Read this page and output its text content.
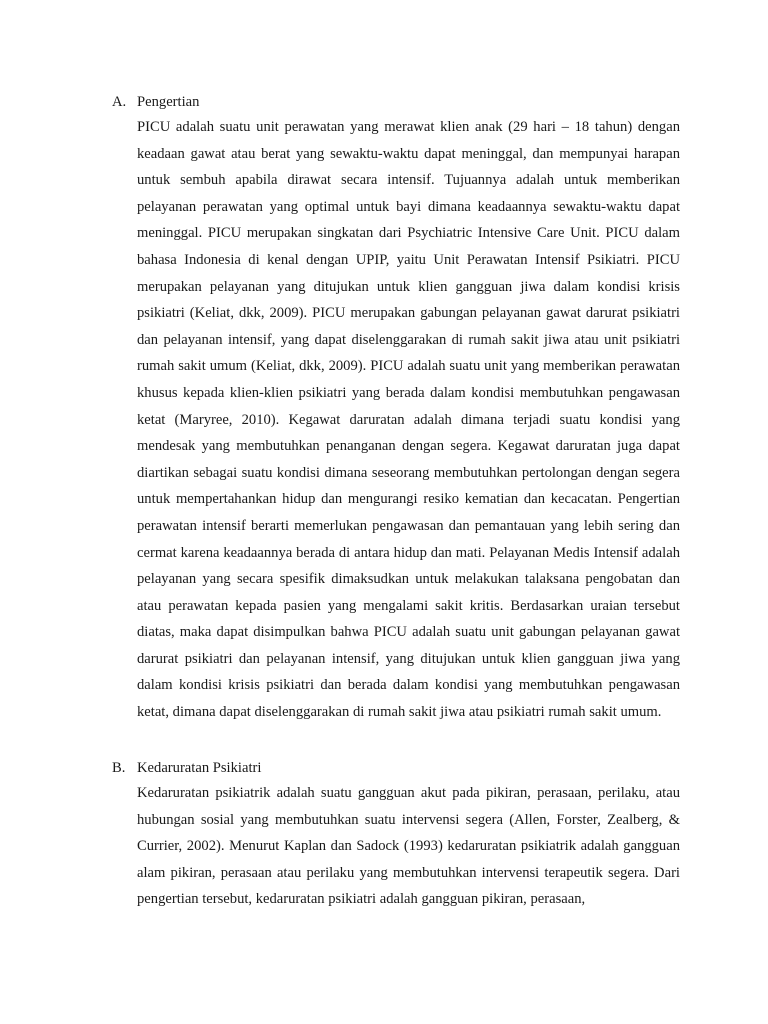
A. Pengertian

PICU adalah suatu unit perawatan yang merawat klien anak (29 hari – 18 tahun) dengan keadaan gawat atau berat yang sewaktu-waktu dapat meninggal, dan mempunyai harapan untuk sembuh apabila dirawat secara intensif. Tujuannya adalah untuk memberikan pelayanan perawatan yang optimal untuk bayi dimana keadaannya sewaktu-waktu dapat meninggal. PICU merupakan singkatan dari Psychiatric Intensive Care Unit. PICU dalam bahasa Indonesia di kenal dengan UPIP, yaitu Unit Perawatan Intensif Psikiatri. PICU merupakan pelayanan yang ditujukan untuk klien gangguan jiwa dalam kondisi krisis psikiatri (Keliat, dkk, 2009). PICU merupakan gabungan pelayanan gawat darurat psikiatri dan pelayanan intensif, yang dapat diselenggarakan di rumah sakit jiwa atau unit psikiatri rumah sakit umum (Keliat, dkk, 2009). PICU adalah suatu unit yang memberikan perawatan khusus kepada klien-klien psikiatri yang berada dalam kondisi membutuhkan pengawasan ketat (Maryree, 2010). Kegawat daruratan adalah dimana terjadi suatu kondisi yang mendesak yang membutuhkan penanganan dengan segera. Kegawat daruratan juga dapat diartikan sebagai suatu kondisi dimana seseorang membutuhkan pertolongan dengan segera untuk mempertahankan hidup dan mengurangi resiko kematian dan kecacatan. Pengertian perawatan intensif berarti memerlukan pengawasan dan pemantauan yang lebih sering dan cermat karena keadaannya berada di antara hidup dan mati. Pelayanan Medis Intensif adalah pelayanan yang secara spesifik dimaksudkan untuk melakukan talaksana pengobatan dan atau perawatan kepada pasien yang mengalami sakit kritis. Berdasarkan uraian tersebut diatas, maka dapat disimpulkan bahwa PICU adalah suatu unit gabungan pelayanan gawat darurat psikiatri dan pelayanan intensif, yang ditujukan untuk klien gangguan jiwa yang dalam kondisi krisis psikiatri dan berada dalam kondisi yang membutuhkan pengawasan ketat, dimana dapat diselenggarakan di rumah sakit jiwa atau psikiatri rumah sakit umum.

B. Kedaruratan Psikiatri

Kedaruratan psikiatrik adalah suatu gangguan akut pada pikiran, perasaan, perilaku, atau hubungan sosial yang membutuhkan suatu intervensi segera (Allen, Forster, Zealberg, & Currier, 2002). Menurut Kaplan dan Sadock (1993) kedaruratan psikiatrik adalah gangguan alam pikiran, perasaan atau perilaku yang membutuhkan intervensi terapeutik segera. Dari pengertian tersebut, kedaruratan psikiatri adalah gangguan pikiran, perasaan,
